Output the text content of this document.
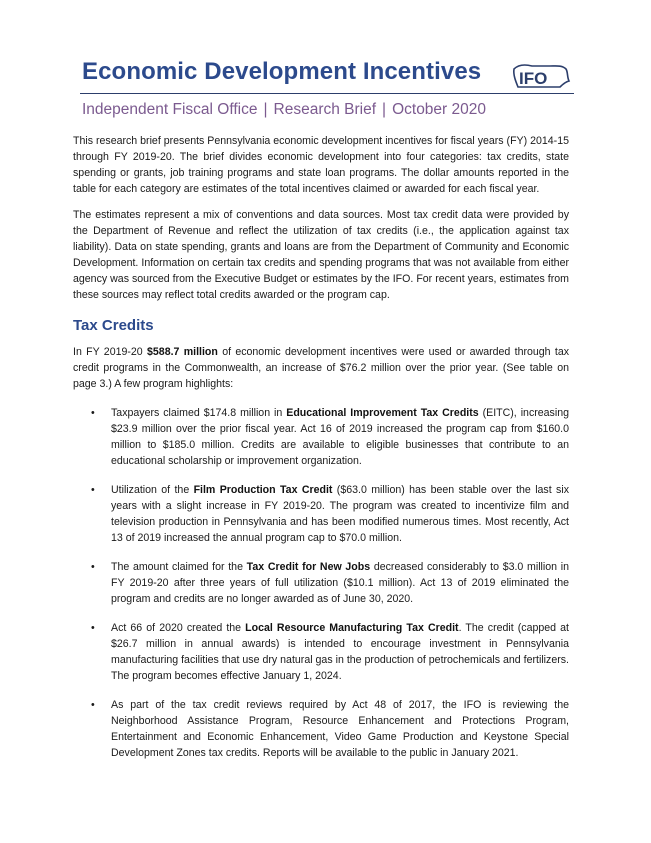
Economic Development Incentives IFO
Independent Fiscal Office | Research Brief | October 2020

This research brief presents Pennsylvania economic development incentives for fiscal years (FY) 2014-15 through FY 2019-20. The brief divides economic development into four categories: tax credits, state spending or grants, job training programs and state loan programs. The dollar amounts reported in the table for each category are estimates of the total incentives claimed or awarded for each fiscal year.

The estimates represent a mix of conventions and data sources. Most tax credit data were provided by the Department of Revenue and reflect the utilization of tax credits (i.e., the application against tax liability). Data on state spending, grants and loans are from the Department of Community and Economic Development. Information on certain tax credits and spending programs that was not available from either agency was sourced from the Executive Budget or estimates by the IFO. For recent years, estimates from these sources may reflect total credits awarded or the program cap.

Tax Credits

In FY 2019-20 $588.7 million of economic development incentives were used or awarded through tax credit programs in the Commonwealth, an increase of $76.2 million over the prior year. (See table on page 3.) A few program highlights:

• Taxpayers claimed $174.8 million in Educational Improvement Tax Credits (EITC), increasing $23.9 million over the prior fiscal year. Act 16 of 2019 increased the program cap from $160.0 million to $185.0 million. Credits are available to eligible businesses that contribute to an educational scholarship or improvement organization.
• Utilization of the Film Production Tax Credit ($63.0 million) has been stable over the last six years with a slight increase in FY 2019-20. The program was created to incentivize film and television production in Pennsylvania and has been modified numerous times. Most recently, Act 13 of 2019 increased the annual program cap to $70.0 million.
• The amount claimed for the Tax Credit for New Jobs decreased considerably to $3.0 million in FY 2019-20 after three years of full utilization ($10.1 million). Act 13 of 2019 eliminated the program and credits are no longer awarded as of June 30, 2020.
• Act 66 of 2020 created the Local Resource Manufacturing Tax Credit. The credit (capped at $26.7 million in annual awards) is intended to encourage investment in Pennsylvania manufacturing facilities that use dry natural gas in the production of petrochemicals and fertilizers. The program becomes effective January 1, 2024.
• As part of the tax credit reviews required by Act 48 of 2017, the IFO is reviewing the Neighborhood Assistance Program, Resource Enhancement and Protections Program, Entertainment and Economic Enhancement, Video Game Production and Keystone Special Development Zones tax credits. Reports will be available to the public in January 2021.
